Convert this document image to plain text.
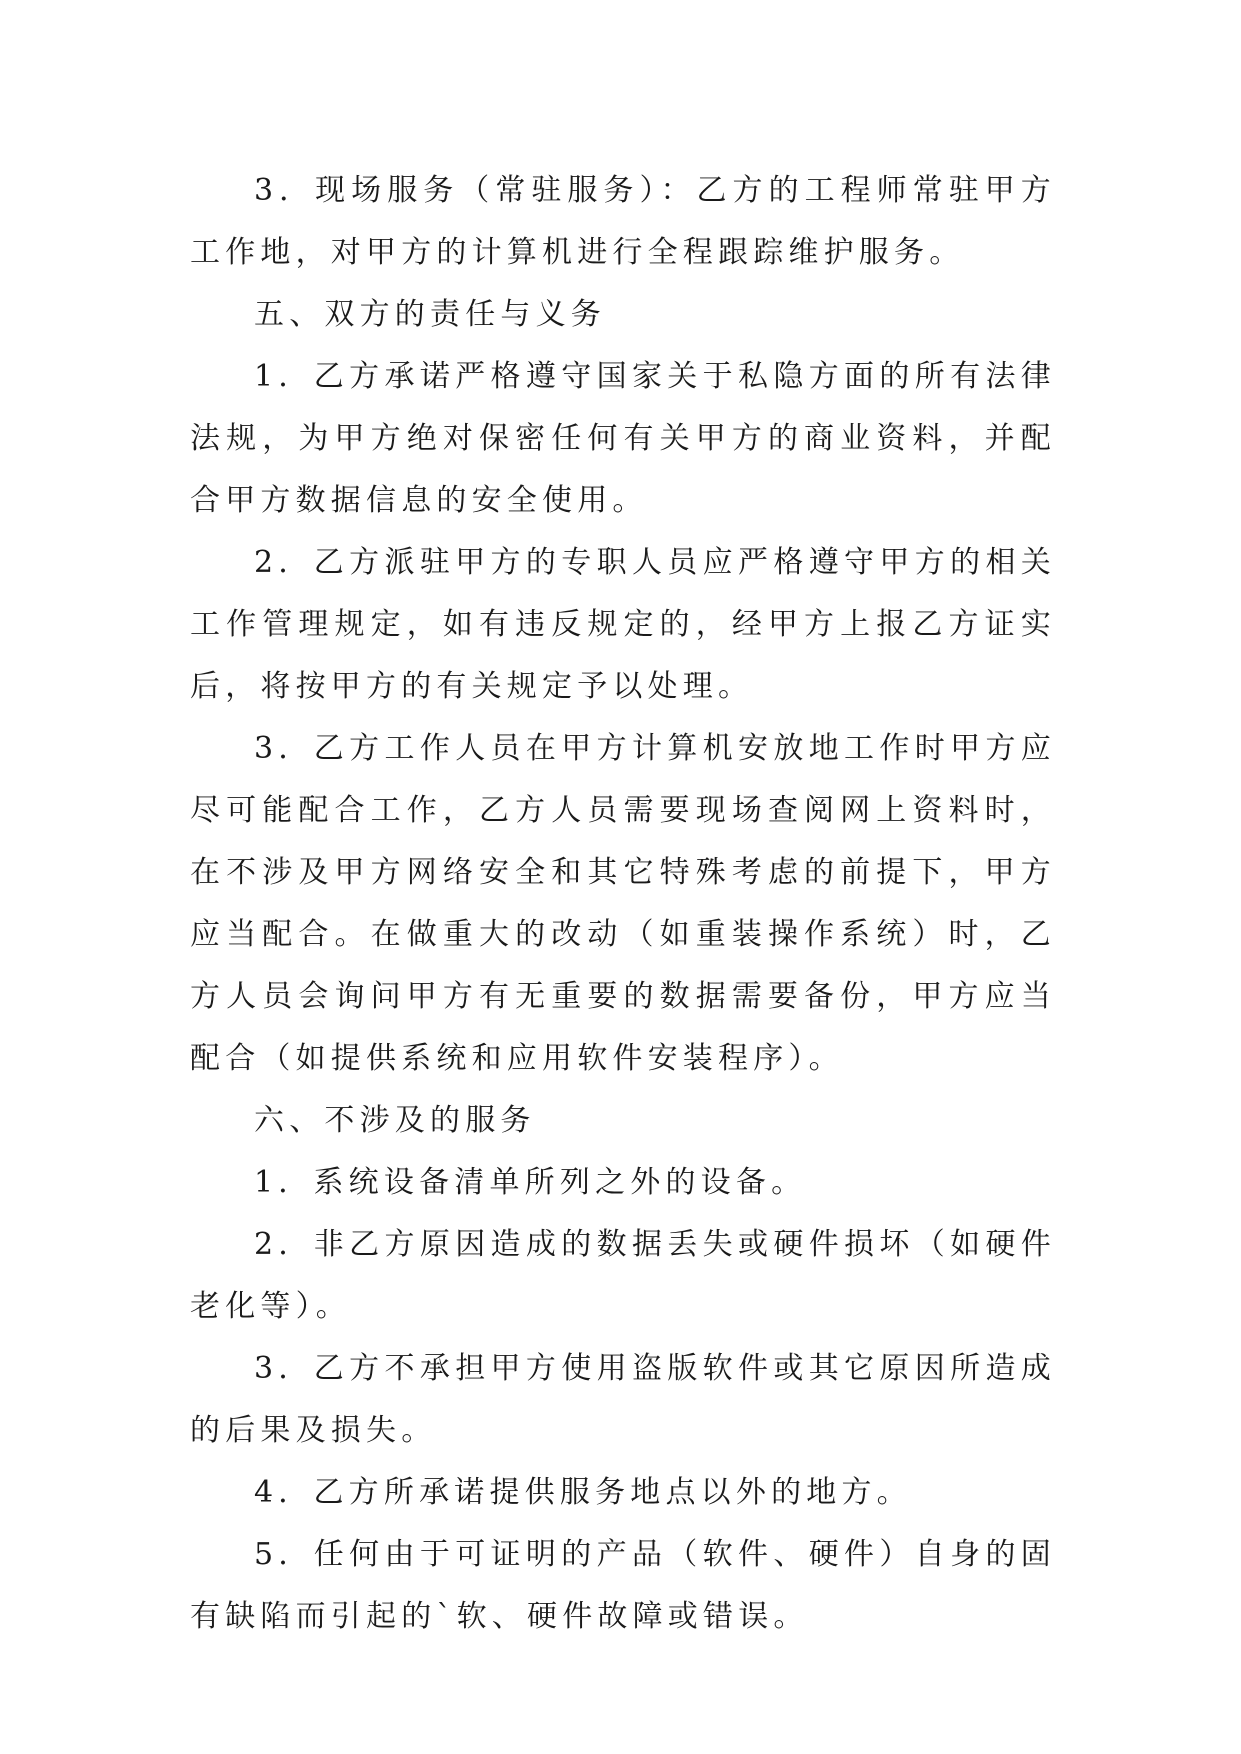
3．现场服务（常驻服务）：乙方的工程师常驻甲方工作地，对甲方的计算机进行全程跟踪维护服务。

五、双方的责任与义务

1．乙方承诺严格遵守国家关于私隐方面的所有法律法规，为甲方绝对保密任何有关甲方的商业资料，并配合甲方数据信息的安全使用。

2．乙方派驻甲方的专职人员应严格遵守甲方的相关工作管理规定，如有违反规定的，经甲方上报乙方证实后，将按甲方的有关规定予以处理。

3．乙方工作人员在甲方计算机安放地工作时甲方应尽可能配合工作，乙方人员需要现场查阅网上资料时，在不涉及甲方网络安全和其它特殊考虑的前提下，甲方应当配合。在做重大的改动（如重装操作系统）时，乙方人员会询问甲方有无重要的数据需要备份，甲方应当配合（如提供系统和应用软件安装程序）。

六、不涉及的服务

1．系统设备清单所列之外的设备。

2．非乙方原因造成的数据丢失或硬件损坏（如硬件老化等）。

3．乙方不承担甲方使用盗版软件或其它原因所造成的后果及损失。

4．乙方所承诺提供服务地点以外的地方。

5．任何由于可证明的产品（软件、硬件）自身的固有缺陷而引起的`软、硬件故障或错误。
